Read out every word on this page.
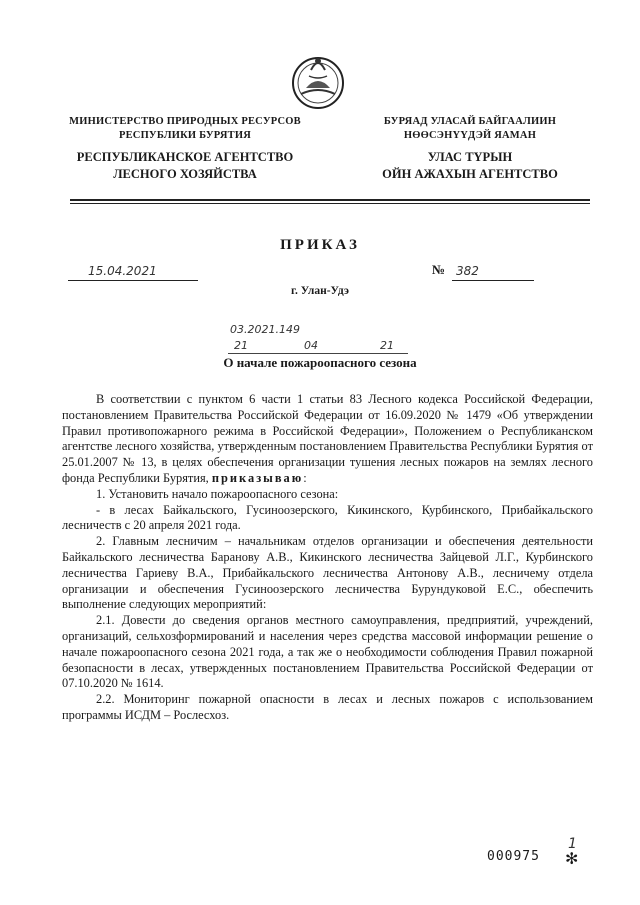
МИНИСТЕРСТВО ПРИРОДНЫХ РЕСУРСОВ
РЕСПУБЛИКИ БУРЯТИЯ
РЕСПУБЛИКАНСКОЕ АГЕНТСТВО
ЛЕСНОГО ХОЗЯЙСТВА
БУРЯАД УЛАСАЙ БАЙГААЛИИН
НӨӨСЭНҮҮДЭЙ ЯАМАН
УЛАС ТҮРЫН
ОЙН АЖАХЫН АГЕНТСТВО
ПРИКАЗ
15.04.2021	№ 382
г. Улан-Удэ
03.2021.149
21	04	21
О начале пожароопасного сезона

В соответствии с пунктом 6 части 1 статьи 83 Лесного кодекса Российской Федерации, постановлением Правительства Российской Федерации от 16.09.2020 № 1479 «Об утверждении Правил противопожарного режима в Российской Федерации», Положением о Республиканском агентстве лесного хозяйства, утвержденным постановлением Правительства Республики Бурятия от 25.01.2007 № 13, в целях обеспечения организации тушения лесных пожаров на землях лесного фонда Республики Бурятия, приказываю:

1. Установить начало пожароопасного сезона:

- в лесах Байкальского, Гусиноозерского, Кикинского, Курбинского, Прибайкальского лесничеств с 20 апреля 2021 года.

2. Главным лесничим – начальникам отделов организации и обеспечения деятельности Байкальского лесничества Баранову А.В., Кикинского лесничества Зайцевой Л.Г., Курбинского лесничества Гариеву В.А., Прибайкальского лесничества Антонову А.В., лесничему отдела организации и обеспечения Гусиноозерского лесничества Бурундуковой Е.С., обеспечить выполнение следующих мероприятий:

2.1. Довести до сведения органов местного самоуправления, предприятий, учреждений, организаций, сельхозформирований и населения через средства массовой информации решение о начале пожароопасного сезона 2021 года, а так же о необходимости соблюдения Правил пожарной безопасности в лесах, утвержденных постановлением Правительства Российской Федерации от 07.10.2020 № 1614.

2.2. Мониторинг пожарной опасности в лесах и лесных пожаров с использованием программы ИСДМ – Рослесхоз.

000975
1
✻
